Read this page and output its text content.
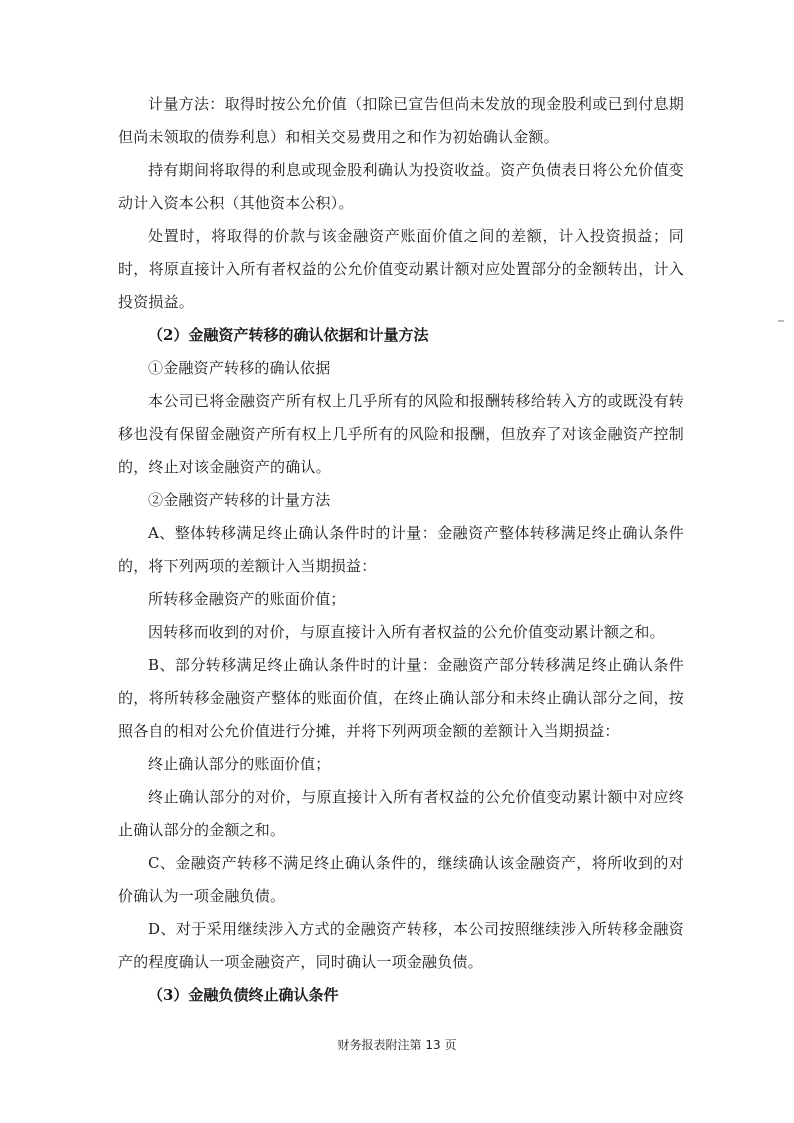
计量方法：取得时按公允价值（扣除已宣告但尚未发放的现金股利或已到付息期但尚未领取的债券利息）和相关交易费用之和作为初始确认金额。

持有期间将取得的利息或现金股利确认为投资收益。资产负债表日将公允价值变动计入资本公积（其他资本公积）。

处置时，将取得的价款与该金融资产账面价值之间的差额，计入投资损益；同时，将原直接计入所有者权益的公允价值变动累计额对应处置部分的金额转出，计入投资损益。

（2）金融资产转移的确认依据和计量方法

①金融资产转移的确认依据

本公司已将金融资产所有权上几乎所有的风险和报酬转移给转入方的或既没有转移也没有保留金融资产所有权上几乎所有的风险和报酬，但放弃了对该金融资产控制的，终止对该金融资产的确认。

②金融资产转移的计量方法

A、整体转移满足终止确认条件时的计量：金融资产整体转移满足终止确认条件的，将下列两项的差额计入当期损益：

所转移金融资产的账面价值；

因转移而收到的对价，与原直接计入所有者权益的公允价值变动累计额之和。

B、部分转移满足终止确认条件时的计量：金融资产部分转移满足终止确认条件的，将所转移金融资产整体的账面价值，在终止确认部分和未终止确认部分之间，按照各自的相对公允价值进行分摊，并将下列两项金额的差额计入当期损益：

终止确认部分的账面价值；

终止确认部分的对价，与原直接计入所有者权益的公允价值变动累计额中对应终止确认部分的金额之和。

C、金融资产转移不满足终止确认条件的，继续确认该金融资产，将所收到的对价确认为一项金融负债。

D、对于采用继续涉入方式的金融资产转移，本公司按照继续涉入所转移金融资产的程度确认一项金融资产，同时确认一项金融负债。

（3）金融负债终止确认条件

财务报表附注第 13 页
